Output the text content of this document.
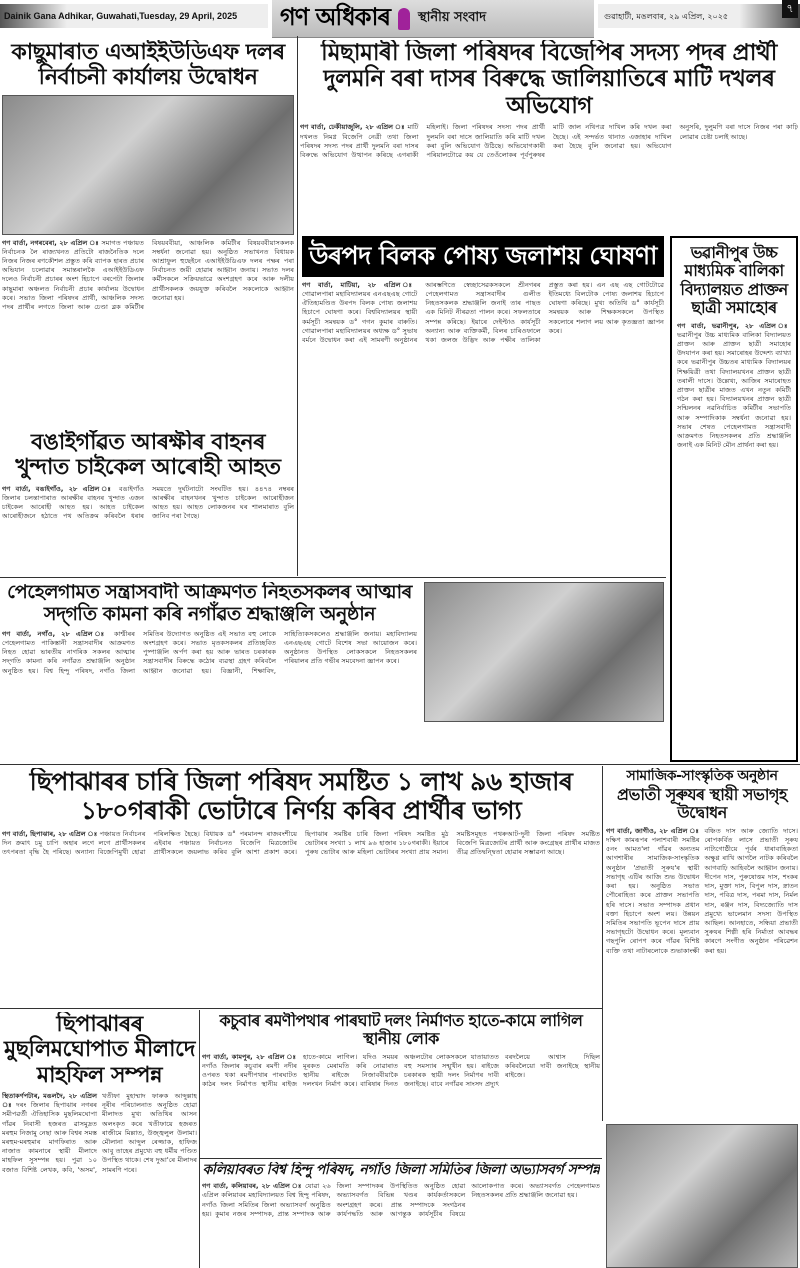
Dainik Gana Adhikar, Guwahati,Tuesday, 29 April, 2025	গণ অধিকাৰ স্থানীয় সংবাদ	গুৱাহাটী, মঙলবাৰ, ২৯ এপ্ৰিল, ২০২৫
৭
কাছুমাৰাত এআইইউডিএফ দলৰ নিৰ্বাচনী কাৰ্যালয় উদ্বোধন
গণ বাৰ্তা, নগৰবেৰা, ২৮ এপ্ৰিল ঃ সমাগত পঞ্চায়ত নিৰ্বাচনক লৈ ৰাজ্যখনত প্ৰতিটো ৰাজনৈতিক দলে নিজৰ নিজৰ ৰণকৌশল প্ৰস্তুত কৰি ব্যাপক হাৰত প্ৰচাৰ অভিযান চলোৱাৰ সমান্তৰালকৈ এআইইউডিএফ দলেও নিৰ্বাচনী প্ৰচাৰৰ অংশ হিচাপে বৰপেটা জিলাৰ কাছুমাৰা অঞ্চলত নিৰ্বাচনী প্ৰচাৰ কাৰ্যালয় উদ্বোধন কৰে। সভাত জিলা পৰিষদৰ প্ৰাৰ্থী, আঞ্চলিক সদস্য পদৰ প্ৰাৰ্থীৰ লগতে জিলা আৰু চেণ্ডা ব্লক কমিটীৰ বিষয়ববীয়া, আঞ্চলিক কমিটীৰ বিষয়ববীয়াসকলক সম্বৰ্ধনা জনোৱা হয়। অনুষ্ঠিত সভাখনত বিধায়ক আশ্ৰাফুল হুছেইনে এআইইউডিএফ দলৰ পক্ষৰ পৰা নিৰ্বাচনত জয়ী হোৱাৰ আহ্বান জনায়। সভাত দলৰ কৰ্মীসকলে সক্ৰিয়ভাৱে অংশগ্ৰহণ কৰে আৰু দলীয় প্ৰাৰ্থীসকলক জয়যুক্ত কৰিবলৈ সকলোকে আহ্বান জনোৱা হয়।
মিছামাৰী জিলা পৰিষদৰ বিজেপিৰ সদস্য পদৰ প্ৰাৰ্থী দুলমনি বৰা দাসৰ বিৰুদ্ধে জালিয়াতিৰে মাটি দখলৰ অভিযোগ
গণ বাৰ্তা, ঢেকীয়াজুলি, ২৮ এপ্ৰিল ঃ মাটি দখলত নিমগ্ন বিজেপি নেত্ৰী তথা জিলা পৰিষদৰ সদস্য পদৰ প্ৰাৰ্থী দুলমনি বৰা দাসৰ বিৰুদ্ধে অভিযোগ উত্থাপন কৰিছে এগৰাকী মহিলাই। জিলা পৰিষদৰ সদস্য পদৰ প্ৰাৰ্থী দুলমনি বৰা দাসে জালিয়াতি কৰি মাটি দখল কৰা বুলি অভিযোগ উঠিছে। অভিযোগকাৰী পৰিয়ালটোৱে কয় যে তেওঁলোকৰ পূৰ্বপুৰুষৰ মাটি জাল নথিপত্ৰ দাখিল কৰি দখল কৰা হৈছে। এই সন্দৰ্ভত থানাত এজাহাৰ দাখিল কৰা হৈছে বুলি জনোৱা হয়। অভিযোগ অনুসৰি, দুলুমণি বৰা দাসে নিজৰ পৰা কাঢ়ি লোৱাৰ চেষ্টা চলাই আছে।
উৰপদ বিলক পোষ্য জলাশয় ঘোষণা
গণ বাৰ্তা, মাটিয়া, ২৮ এপ্ৰিল ঃ গোৱালপাৰা মহাবিদ্যালয়ৰ এনএছএছ গোটে ঐতিহ্যমণ্ডিত উৰপদ বিলক পোষ্য জলাশয় হিচাপে ঘোষণা কৰে। বিশ্ববিদ্যালয়ৰ স্থায়ী কৰ্মসূচী সমন্বয়ক ড° গগন কুমাৰ বাৰুতি। গোৱালপাৰা মহাবিদ্যালয়ৰ অধ্যক্ষ ড° সুভাষ বৰ্মনে উদ্বোধন কৰা এই সামৰণী অনুষ্ঠানৰ আৰম্ভণিতে স্বেচ্ছাসেৱকসকলে শ্ৰীনগৰৰ পেহেলগামত সন্ত্ৰাসবাদীৰ গুলীত নিহতসকলক শ্ৰদ্ধাঞ্জলি জনাই তাৰ পাছত এক মিনিট নীৰৱতা পালন কৰে। সফলতাৰে সম্পন্ন কৰিছে। ইয়াৰে দেইপ্টাও কাৰ্যসূচী অন্যান্য আৰু ব্যক্তিকৰ্মী, বিলৰ চাৰিওফালে থকা জলজ উদ্ভিদ আৰু পক্ষীৰ তালিকা প্ৰস্তুত কৰা হয়। এন এছ এছ গোটটোৱে ইতিমধ্যে বিলটোক পোষ্য জলাশয় হিচাপে ঘোষণা কৰিছে। মুখ্য অতিথি ড° কাৰ্যসূচী সমন্বয়ক আৰু শিক্ষকসকলে উপস্থিত সকলোৰে শলাগ লয় আৰু কৃতজ্ঞতা জ্ঞাপন কৰে।
ভৱানীপুৰ উচ্চ মাধ্যমিক বালিকা বিদ্যালয়ত প্ৰাক্তন ছাত্ৰী সমাহোৰ
গণ বাৰ্তা, ভৱানীপুৰ, ২৮ এপ্ৰিল ঃ ভৱানীপুৰ উচ্চ মাধ্যমিক বালিকা বিদ্যালয়ত প্ৰাক্তন আৰু প্ৰাক্তন ছাত্ৰী সমাহোৰ উদযাপন কৰা হয়। সমাৰোহৰ উদ্দেশ্য ব্যাখ্যা কৰে ভৱানীপুৰ উচ্চতৰ মাধ্যমিক বিদ্যালয়ৰ শিক্ষয়িত্ৰী তথা বিদ্যালয়খনৰ প্ৰাক্তন ছাত্ৰী তৰালী দাসে। উল্লেখ্য, আজিৰ সমাৰোহত প্ৰাক্তন ছাত্ৰীৰ মাজত এখন নতুন কমিটী গঠন কৰা হয়। বিদ্যালয়খনৰ প্ৰাক্তন ছাত্ৰী সন্মিলনৰ নৱনিৰ্বাচিত কমিটীৰ সভাপতি আৰু সম্পাদিকাক সম্বৰ্ধনা জনোৱা হয়। সভাৰ শেষত পেহেলগামত সন্ত্ৰাসবাদী আক্ৰমণত নিহতসকলৰ প্ৰতি শ্ৰদ্ধাঞ্জলি জনাই এক মিনিট মৌন প্ৰাৰ্থনা কৰা হয়।
বঙাইগাঁৱত আৰক্ষীৰ বাহনৰ খুন্দাত চাইকেল আৰোহী আহত
গণ বাৰ্তা, বঙাইগাঁও, ২৮ এপ্ৰিল ঃ বঙাইগাঁও জিলাৰ চলন্তাপাৰাত আৰক্ষীৰ বাহনৰ খুন্দাত এজন চাইকেল আৰোহী আহত হয়। আহত চাইকেল আৰোহীজনে হঠাতে পথ অতিক্ৰম কৰিবলৈ ধৰাৰ সময়তে দুৰ্ঘটনাটো সংঘটিত হয়। ৪৪৭৪ নম্বৰৰ আৰক্ষীৰ বাহনখনৰ খুন্দাত চাইকেল আৰোহীজন আহত হয়। আহত লোকজনৰ ঘৰ শালমাৰাত বুলি জানিব পৰা গৈছে।
পেহেলগামত সন্ত্ৰাসবাদী আক্ৰমণত নিহতসকলৰ আত্মাৰ সদ্‌গতি কামনা কৰি নগাঁৱত শ্ৰদ্ধাঞ্জলি অনুষ্ঠান
গণ বাৰ্তা, নগাঁও, ২৮ এপ্ৰিল ঃ কাশ্মীৰৰ পেহেলগামত পাকিস্তানী সন্ত্ৰাসবাদীৰ আক্ৰমণত নিহত হোৱা ভাৰতীয় নাগৰিক সকলৰ আত্মাৰ সদ্‌গতি কামনা কৰি নগাঁৱত শ্ৰদ্ধাঞ্জলি অনুষ্ঠান অনুষ্ঠিত হয়। বিশ্ব হিন্দু পৰিষদ, নগাঁও জিলা সমিতিৰ উদ্যোগত অনুষ্ঠিত এই সভাত বহু লোকে অংশগ্ৰহণ কৰে। সভাত মৃতকসকলৰ প্ৰতিচ্ছবিত পুষ্পাঞ্জলি অৰ্পণ কৰা হয় আৰু ভাৰত চৰকাৰক সন্ত্ৰাসবাদীৰ বিৰুদ্ধে কঠোৰ ব্যৱস্থা গ্ৰহণ কৰিবলৈ আহ্বান জনোৱা হয়। বিজ্ঞানী, শিক্ষাবিদ, সাহিত্যিকসকলেও শ্ৰদ্ধাঞ্জলি জনায়। মহাবিদ্যালয় এনএছএছ গোটে বিশেষ সভা আয়োজন কৰে। অনুষ্ঠানত উপস্থিত লোকসকলে নিহতসকলৰ পৰিয়ালৰ প্ৰতি গভীৰ সমবেদনা জ্ঞাপন কৰে।
ছিপাঝাৰৰ চাৰি জিলা পৰিষদ সমষ্টিত ১ লাখ ৯৬ হাজাৰ ১৮০গৰাকী ভোটাৰে নিৰ্ণয় কৰিব প্ৰাৰ্থীৰ ভাগ্য
গণ বাৰ্তা, ছিপাঝাৰ, ২৮ এপ্ৰিল ঃ পঞ্চায়ত নিৰ্বাচনৰ দিন ক্ৰমাৎ চমু চাপি অহাৰ লগে লগে প্ৰাৰ্থীসকলৰ তৎপৰতা বৃদ্ধি হৈ পৰিছে। অন্যান্য বিজেপিমুখী হোৱা পৰিলক্ষিত হৈছে। বিধায়ক ড° পৰমানন্দ ৰাজবংশীয়ে এইবাৰ পঞ্চায়ত নিৰ্বাচনত বিজেপি মিত্ৰজোটৰ প্ৰাৰ্থীসকলে জয়লাভ কৰিব বুলি আশা প্ৰকাশ কৰে। ছিপাঝাৰ সমষ্টিৰ চাৰি জিলা পৰিষদ সমষ্টিত মুঠ ভোটাৰৰ সংখ্যা ১ লাখ ৯৬ হাজাৰ ১৮০গৰাকী। ইয়াৰে পুৰুষ ভোটাৰ আৰু মহিলা ভোটাৰৰ সংখ্যা প্ৰায় সমান। সমষ্টিসমূহত পথৰুআট-দুনী জিলা পৰিষদ সমষ্টিত বিজেপি মিত্ৰজোটৰ প্ৰাৰ্থী আৰু কংগ্ৰেছৰ প্ৰাৰ্থীৰ মাজত তীব্ৰ প্ৰতিদ্বন্দ্বিতা হোৱাৰ সম্ভাৱনা আছে।
সামাজিক-সাংস্কৃতিক অনুষ্ঠান
প্ৰভাতী সূৰুযৰ স্থায়ী সভাগৃহ উদ্বোধন
গণ বাৰ্তা, জাগীও, ২৮ এপ্ৰিল ঃ দক্ষিণ কামৰূপৰ পলাশবাৰী সমষ্টিৰ ৫নং আমত'লা গাঁৱৰ অন্যতম আগশাৰীৰ সামাজিক-সাংস্কৃতিক অনুষ্ঠান 'প্ৰভাতী সূৰুয'ৰ স্থায়ী সভাগৃহ এটিৰ আজি শুভ উদ্বোধন কৰা হয়। অনুষ্ঠিত সভাত পৌৰোহিত্য কৰে প্ৰাক্তন সভাপতি হৰি দাসে। সভাত সম্পাদক প্ৰধান বক্তা হিচাপে অংশ লয়। উন্নয়ন সমিতিৰ সভাপতি ভূপেন দাসে প্ৰায় সভাগৃহটো উদ্বোধন কৰে। মূল্যবান গছপুলি ৰোপণ কৰে গাঁৱৰ বিশিষ্ট ব্যক্তি তথা নাটাৰলোকে শুভাকাংক্ষী বঞ্চিত দাস আৰু জ্যোতি দাসে। ৰোপকৰ্বিত লাসে প্ৰভাতী সূৰুয নাট্যগোষ্ঠীয়ে পূৰ্বৰ ধাৰাবাহিকতা অক্ষুণ্ণ ৰাখি আগলৈ নাটক কৰিবলৈ আগবাঢ়ি আহিবলৈ আহ্বান জনায়। দীপেন দাস, পুৰুষোত্তম দাস, শংকৰ দাস, মুক্তা দাস, বিপুল দাস, স্নাতন দাস, পবিত্ৰ দাস, পৰমা দাস, নিৰ্মল দাস, ৰঞ্জন দাস, বিদ্যজ্যোতি দাস প্ৰমুখ্যে ভালেমান সদস্য উপস্থিত আছিল। আনহাতে, সন্ধিয়া প্ৰভাতী সুৰুযৰ শিল্পী হৰি নিৰ্মাতা আবদ্ধৰ কাৰণে সংগীত অনুষ্ঠান পৰিৱেশন কৰা হয়।
ছিপাঝাৰৰ মুছলিমঘোপাত মীলাদে মাহফিল সম্পন্ন
স্থিতাকৰ্ণপটাৰ, মঙলদৈ, ২৮ এপ্ৰিল ঃ দৰং জিলাৰ ছিপাঝাৰ নগৰৰ সমীপৱৰ্তী ঐতিহাসিক মুছলিমঘোপা গাঁৱৰ নিবাসী হজৰত ৱাসমুদ্ৰত মৰহুম নিজামু নেছা আৰু বিশ্বৰ সমস্ত মৰহুম-মৰহুমাৰ মাগফিৰাত আৰু নাজাত কামনাৰে স্থায়ী মীলাদে মাহফিল সুসম্পন্ন হয়। পুৱা ১০ বজাত বিশিষ্ট লেখক, কবি, 'অসম', খতীফা মুহাম্মাদ ফাৰুক আব্দুল্লাহ নূৰীৰ পৰিচালনাত অনুষ্ঠিত হোৱা মীলাদত মুখ্য অতিথিৰ আসন অলংকৃত কৰে খতীফায়ে হজৰত ৰাজীমে মিল্লাত, উজ্জ্বলুল উলামা। মৌলানা আব্দুল ৰেজ্জাক, হাফিজ আবু তাহেৰ প্ৰমুখ্যে বহু ধৰ্মীয় পণ্ডিত উপস্থিত থাকে। শেষ দুআ'ৰে মীলাদৰ সামৰণি পৰে।
কচুবাৰ ৰমণীপথাৰ পাৰঘাট দলং নিৰ্মাণত হাতে-কামে লাগিল স্থানীয় লোক
গণ বাৰ্তা, কামপুৰ, ২৮ এপ্ৰিল ঃ নগাঁও জিলাৰ কচুবাৰ ৰমণী নদীৰ ওপৰত থকা ৰমণীপথাৰ পাৰঘাটত কাঠৰ দলং নিৰ্মাণত স্থানীয় ৰাইজ হাতে-কামে লাগিল। যদিও সময়ৰ মূৰকত মেৰামতি কৰি নোৱাৰাত স্থানীয় ৰাইজে নিজাববীয়াকৈ দলংখন নিৰ্মাণ কৰে। বাৰিষাৰ দিনত অঞ্চলটোৰ লোকসকলে যাতায়াতত বহু সমস্যাৰ সন্মুখীন হয়। ৰাইজে চৰকাৰক স্থায়ী দলং নিৰ্মাণৰ দাবী জনাইছে। বাবে নগাঁৱৰ সাংসদ প্ৰদ্যুৎ বৰদলৈয়ে আশ্বাস দিছিল কৰিবলৈয়ো দাবী জনাইছে স্থানীয় ৰাইজে।
কলিয়াবৰত বিশ্ব হিন্দু পৰিষদ, নগাঁও জিলা সমিতিৰ জিলা অভ্যাসবৰ্গ সম্পন্ন
গণ বাৰ্তা, কলিয়াবৰ, ২৮ এপ্ৰিল ঃ যোৱা ২৬ এপ্ৰিল কলিয়াবৰ মহাবিদ্যালয়ত বিশ্ব হিন্দু পৰিষদ, নগাঁও জিলা সমিতিৰ জিলা অভ্যাসবৰ্গ অনুষ্ঠিত হয়। কুমাৰ নজৰ সম্পাদক, প্ৰান্ত সম্পাদক আৰু জিলা সম্পাদকৰ উপস্থিতিত অনুষ্ঠিত হোৱা অভ্যাসবৰ্গত বিভিন্ন খণ্ডৰ কাৰ্যকৰ্তাসকলে অংশগ্ৰহণ কৰে। প্ৰান্ত সম্পাদকে সংগঠনৰ কাৰ্যপদ্ধতি আৰু আগন্তুক কাৰ্যসূচীৰ বিষয়ে আলোকপাত কৰে। অভ্যাসবৰ্গত পেহেলগামত নিহতসকলৰ প্ৰতি শ্ৰদ্ধাঞ্জলি জনোৱা হয়।
